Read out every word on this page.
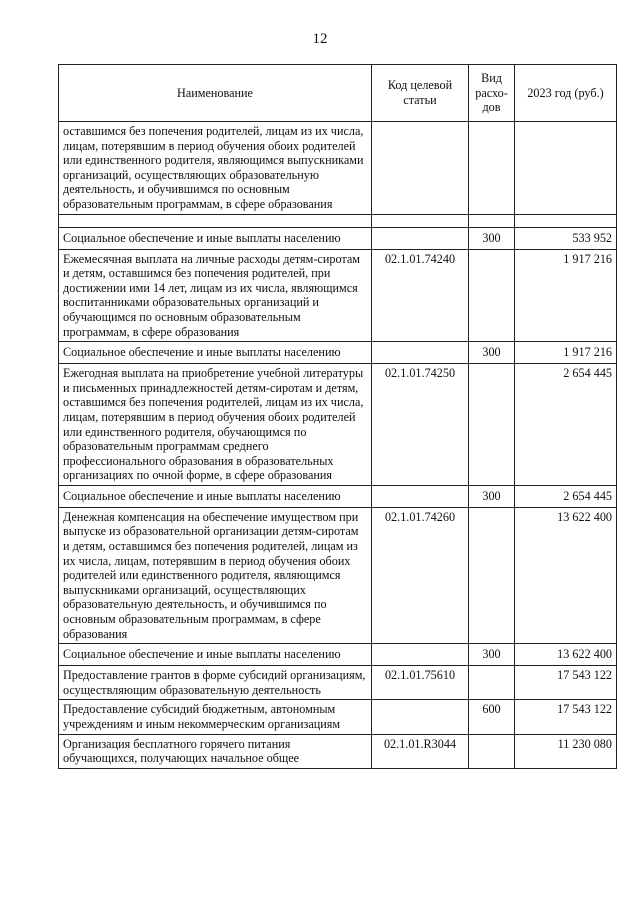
12
Наименование	Код целевой статьи	Вид расхо-дов	2023 год (руб.)
оставшимся без попечения родителей, лицам из их числа, лицам, потерявшим в период обучения обоих родителей или единственного родителя, являющимся выпускниками организаций, осуществляющих образовательную деятельность, и обучившимся по основным образовательным программам, в сфере образования			

Социальное обеспечение и иные выплаты населению		300	533 952
Ежемесячная выплата на личные расходы детям-сиротам и детям, оставшимся без попечения родителей, при достижении ими 14 лет, лицам из их числа, являющимся воспитанниками образовательных организаций и обучающимся по основным образовательным программам, в сфере образования	02.1.01.74240		1 917 216
Социальное обеспечение и иные выплаты населению		300	1 917 216
Ежегодная выплата на приобретение учебной литературы и письменных принадлежностей детям-сиротам и детям, оставшимся без попечения родителей, лицам из их числа, лицам, потерявшим в период обучения обоих родителей или единственного родителя, обучающимся по образовательным программам среднего профессионального образования в образовательных организациях по очной форме, в сфере образования	02.1.01.74250		2 654 445
Социальное обеспечение и иные выплаты населению		300	2 654 445
Денежная компенсация на обеспечение имуществом при выпуске из образовательной организации детям-сиротам и детям, оставшимся без попечения родителей, лицам из их числа, лицам, потерявшим в период обучения обоих родителей или единственного родителя, являющимся выпускниками организаций, осуществляющих образовательную деятельность, и обучившимся по основным образовательным программам, в сфере образования	02.1.01.74260		13 622 400
Социальное обеспечение и иные выплаты населению		300	13 622 400
Предоставление грантов в форме субсидий организациям, осуществляющим образовательную деятельность	02.1.01.75610		17 543 122
Предоставление субсидий бюджетным, автономным учреждениям и иным некоммерческим организациям		600	17 543 122
Организация бесплатного горячего питания обучающихся, получающих начальное общее	02.1.01.R3044		11 230 080
